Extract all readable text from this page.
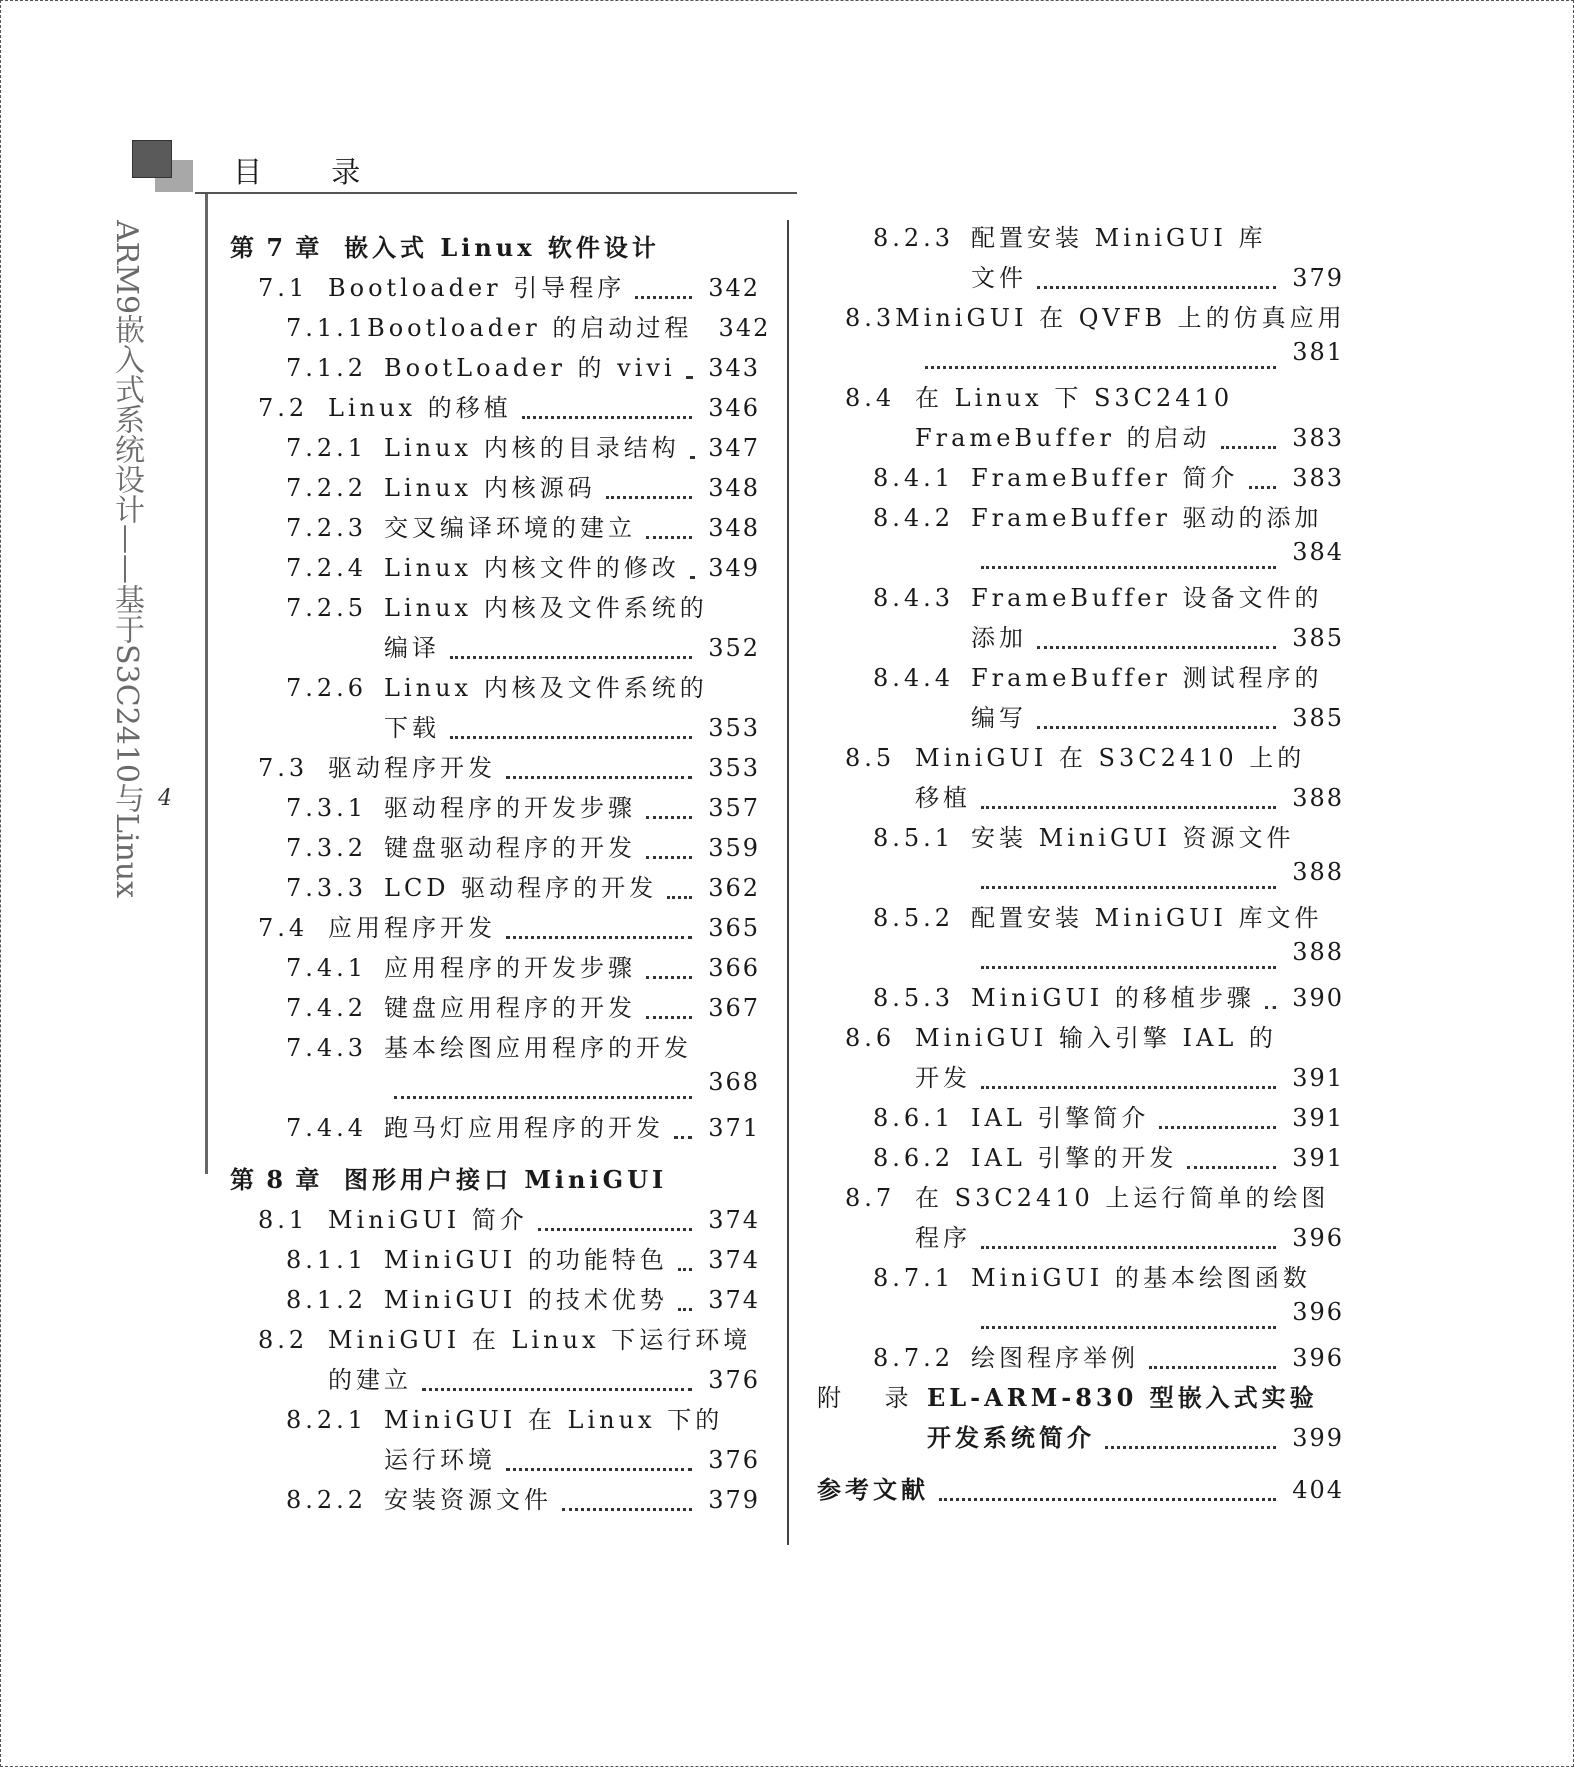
目 录
ARM9嵌入式系统设计——基于S3C2410与Linux 4
第 7 章 嵌入式 Linux 软件设计
7.1 Bootloader 引导程序	342
7.1.1 Bootloader 的启动过程 342
7.1.2 BootLoader 的 vivi 343
7.2 Linux 的移植	346
7.2.1 Linux 内核的目录结构 347
7.2.2 Linux 内核源码	348
7.2.3 交叉编译环境的建立	348
7.2.4 Linux 内核文件的修改 349
7.2.5 Linux 内核及文件系统的
编译	352
7.2.6 Linux 内核及文件系统的
下载	353
7.3 驱动程序开发	353
7.3.1 驱动程序的开发步骤	357
7.3.2 键盘驱动程序的开发	359
7.3.3 LCD 驱动程序的开发 362
7.4 应用程序开发	365
7.4.1 应用程序的开发步骤	366
7.4.2 键盘应用程序的开发	367
7.4.3 基本绘图应用程序的开发
368
7.4.4 跑马灯应用程序的开发 371
第 8 章 图形用户接口 MiniGUI
8.1 MiniGUI 简介	374
8.1.1 MiniGUI 的功能特色 374
8.1.2 MiniGUI 的技术优势 374
8.2 MiniGUI 在 Linux 下运行环境
的建立	376
8.2.1 MiniGUI 在 Linux 下的
运行环境	376
8.2.2 安装资源文件	379
8.2.3 配置安装 MiniGUI 库
文件	379
8.3 MiniGUI 在 QVFB 上的仿真应用
381
8.4 在 Linux 下 S3C2410
FrameBuffer 的启动	383
8.4.1 FrameBuffer 简介 383
8.4.2 FrameBuffer 驱动的添加
384
8.4.3 FrameBuffer 设备文件的
添加	385
8.4.4 FrameBuffer 测试程序的
编写	385
8.5 MiniGUI 在 S3C2410 上的
移植	388
8.5.1 安装 MiniGUI 资源文件
388
8.5.2 配置安装 MiniGUI 库文件
388
8.5.3 MiniGUI 的移植步骤 390
8.6 MiniGUI 输入引擎 IAL 的
开发	391
8.6.1 IAL 引擎简介	391
8.6.2 IAL 引擎的开发	391
8.7 在 S3C2410 上运行简单的绘图
程序	396
8.7.1 MiniGUI 的基本绘图函数
396
8.7.2 绘图程序举例	396
附 录 EL-ARM-830 型嵌入式实验
开发系统简介	399
参考文献	404
